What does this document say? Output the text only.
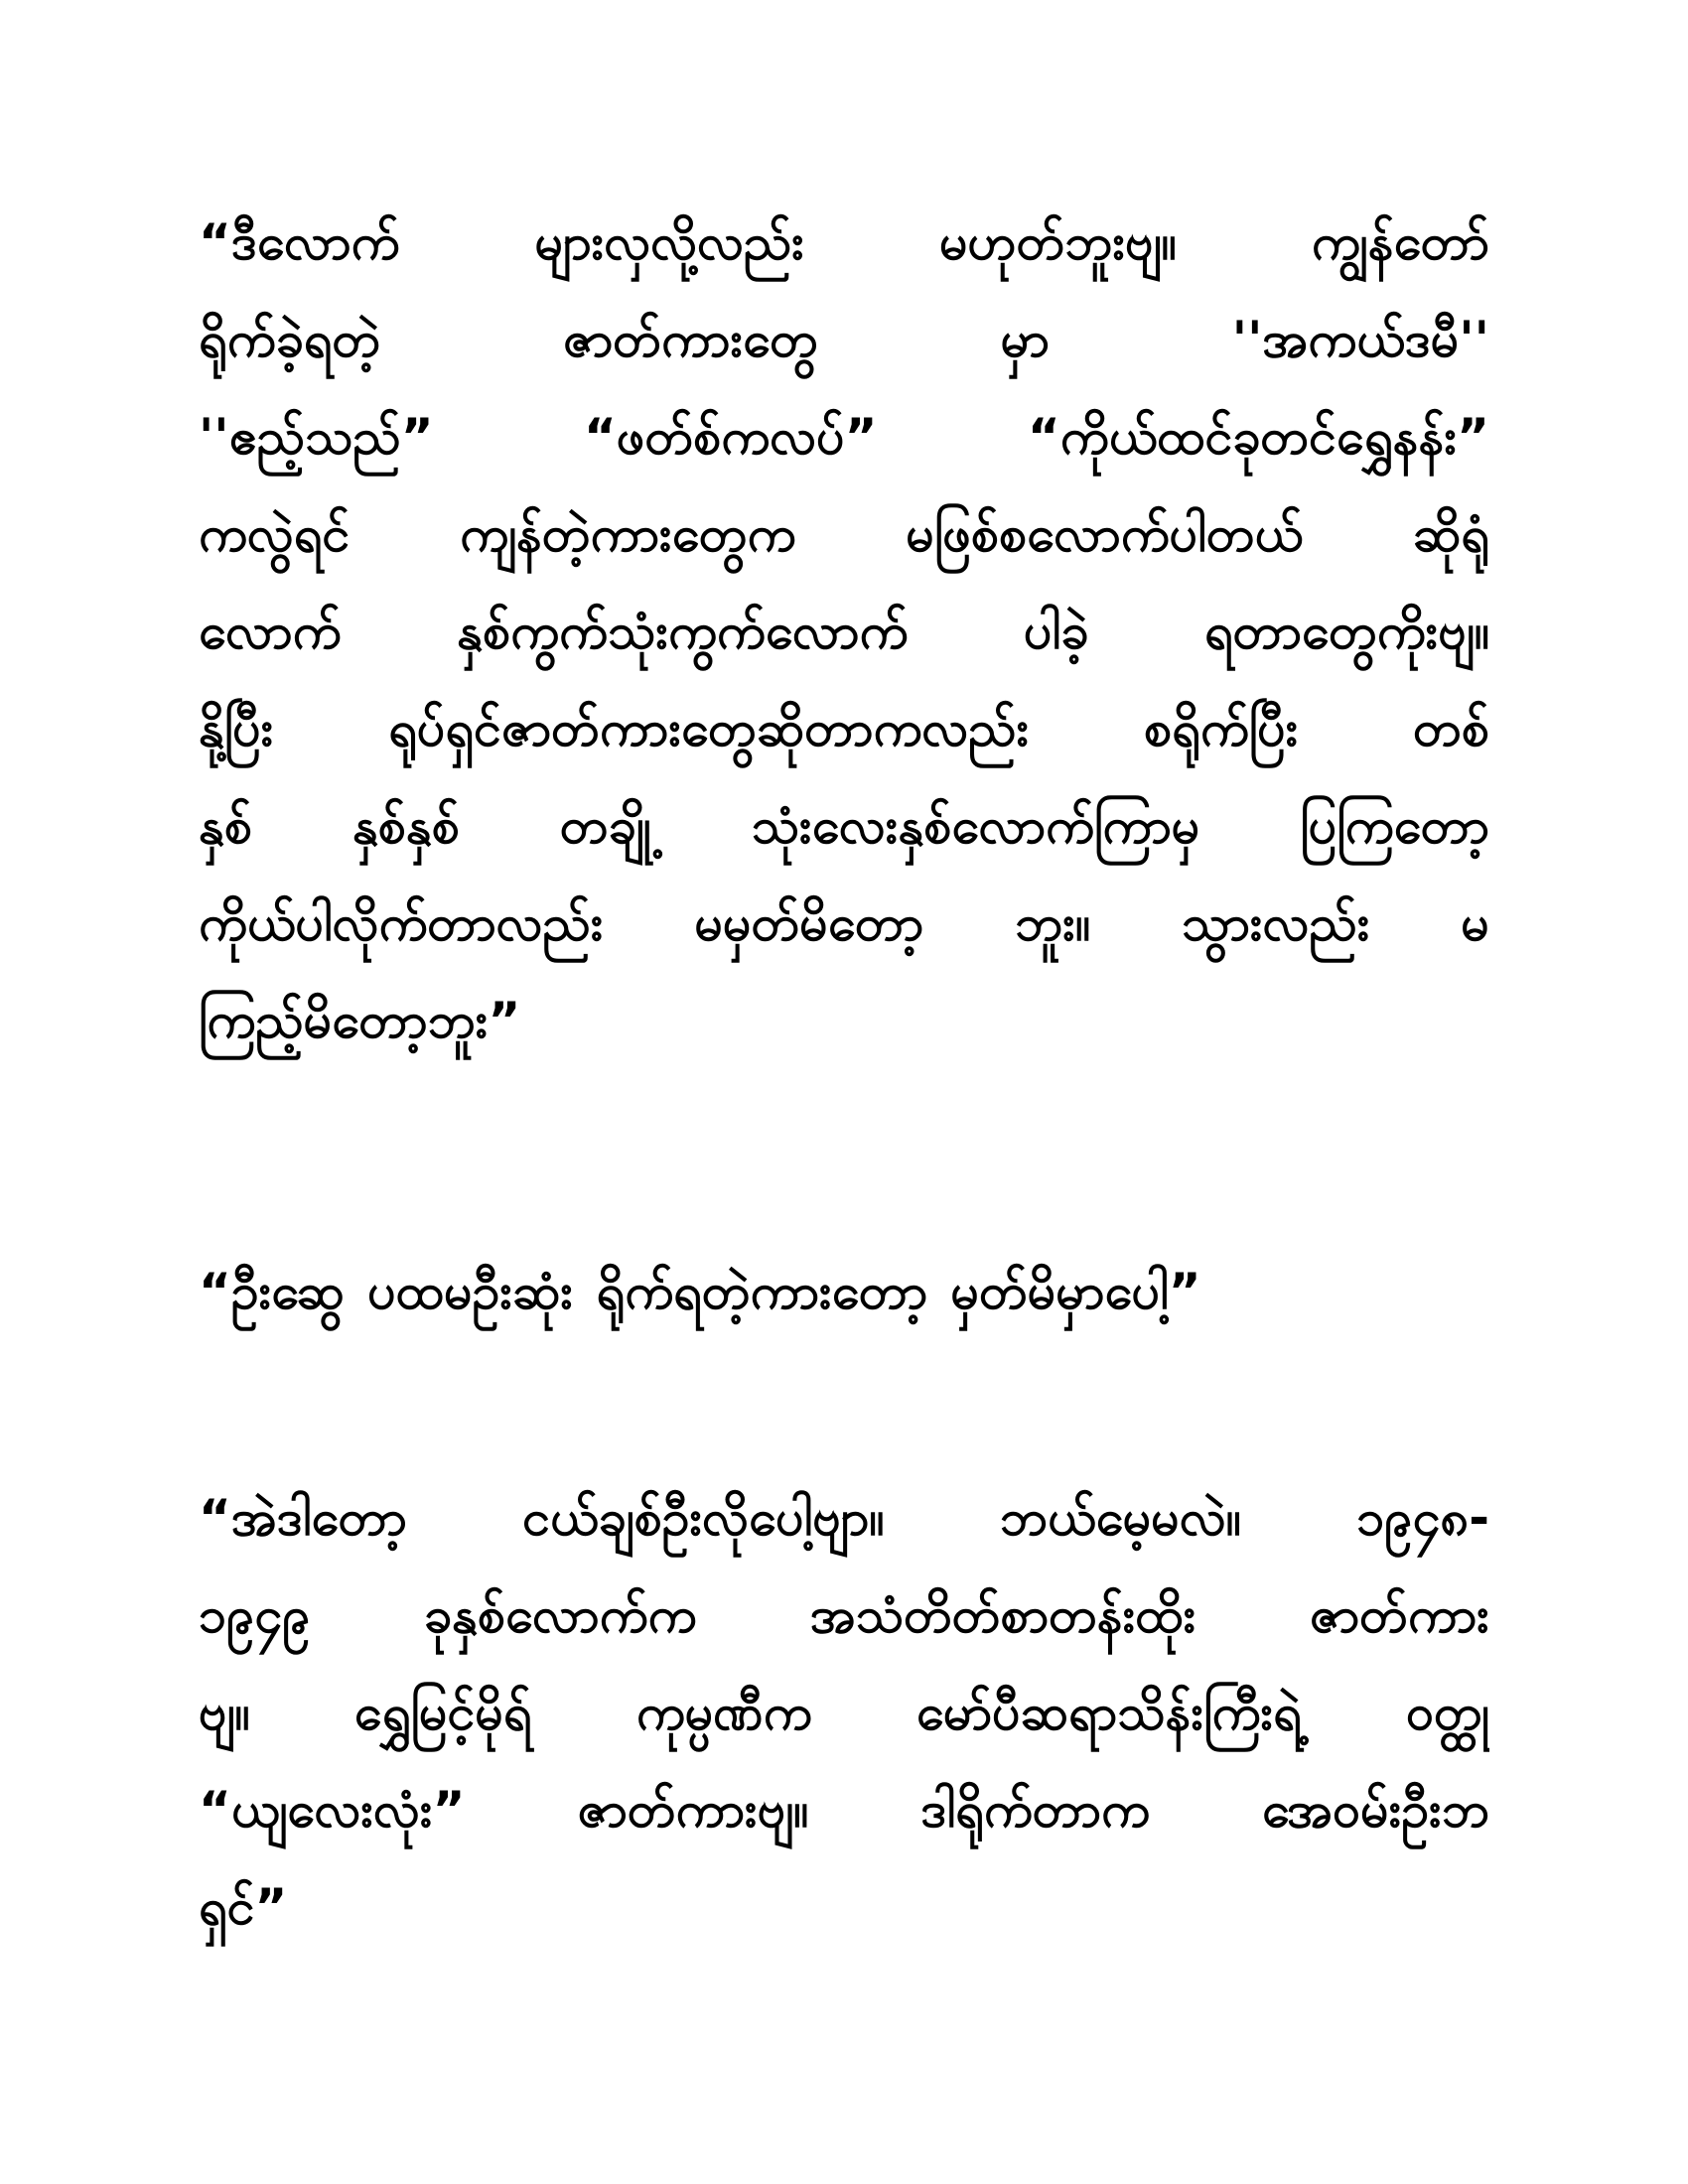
“ဒီလောက် များလှလို့လည်း မဟုတ်ဘူးဗျ။ ကျွန်တော်
ရိုက်ခဲ့ရတဲ့ ဇာတ်ကားတွေ မှာ ''အကယ်ဒမီ''
''ဧည့်သည်” “ဖတ်စ်ကလပ်” “ကိုယ်ထင်ခုတင်ရွှေနန်း”
ကလွဲရင် ကျန်တဲ့ကားတွေက မဖြစ်စလောက်ပါတယ် ဆိုရုံ
လောက် နှစ်ကွက်သုံးကွက်လောက် ပါခဲ့ ရတာတွေကိုးဗျ။
နို့ပြီး ရုပ်ရှင်ဇာတ်ကားတွေဆိုတာကလည်း စရိုက်ပြီး တစ်
နှစ် နှစ်နှစ် တချို့ သုံးလေးနှစ်လောက်ကြာမှ ပြကြတော့
ကိုယ်ပါလိုက်တာလည်း မမှတ်မိတော့ ဘူး။ သွားလည်း မ
ကြည့်မိတော့ဘူး”
“ဦးဆွေ ပထမဦးဆုံး ရိုက်ရတဲ့ကားတော့ မှတ်မိမှာပေါ့”
“အဲဒါတော့ ငယ်ချစ်ဦးလိုပေါ့ဗျာ။ ဘယ်မေ့မလဲ။ ၁၉၄၈-
၁၉၄၉ ခုနှစ်လောက်က အသံတိတ်စာတန်းထိုး ဇာတ်ကား
ဗျ။ ရွှေမြင့်မိုရ် ကုမ္ပဏီက မော်ပီဆရာသိန်းကြီးရဲ့ ဝတ္ထု
“ယျလေးလုံး” ဇာတ်ကားဗျ။ ဒါရိုက်တာက အေဝမ်းဦးဘ
ရှင်”
